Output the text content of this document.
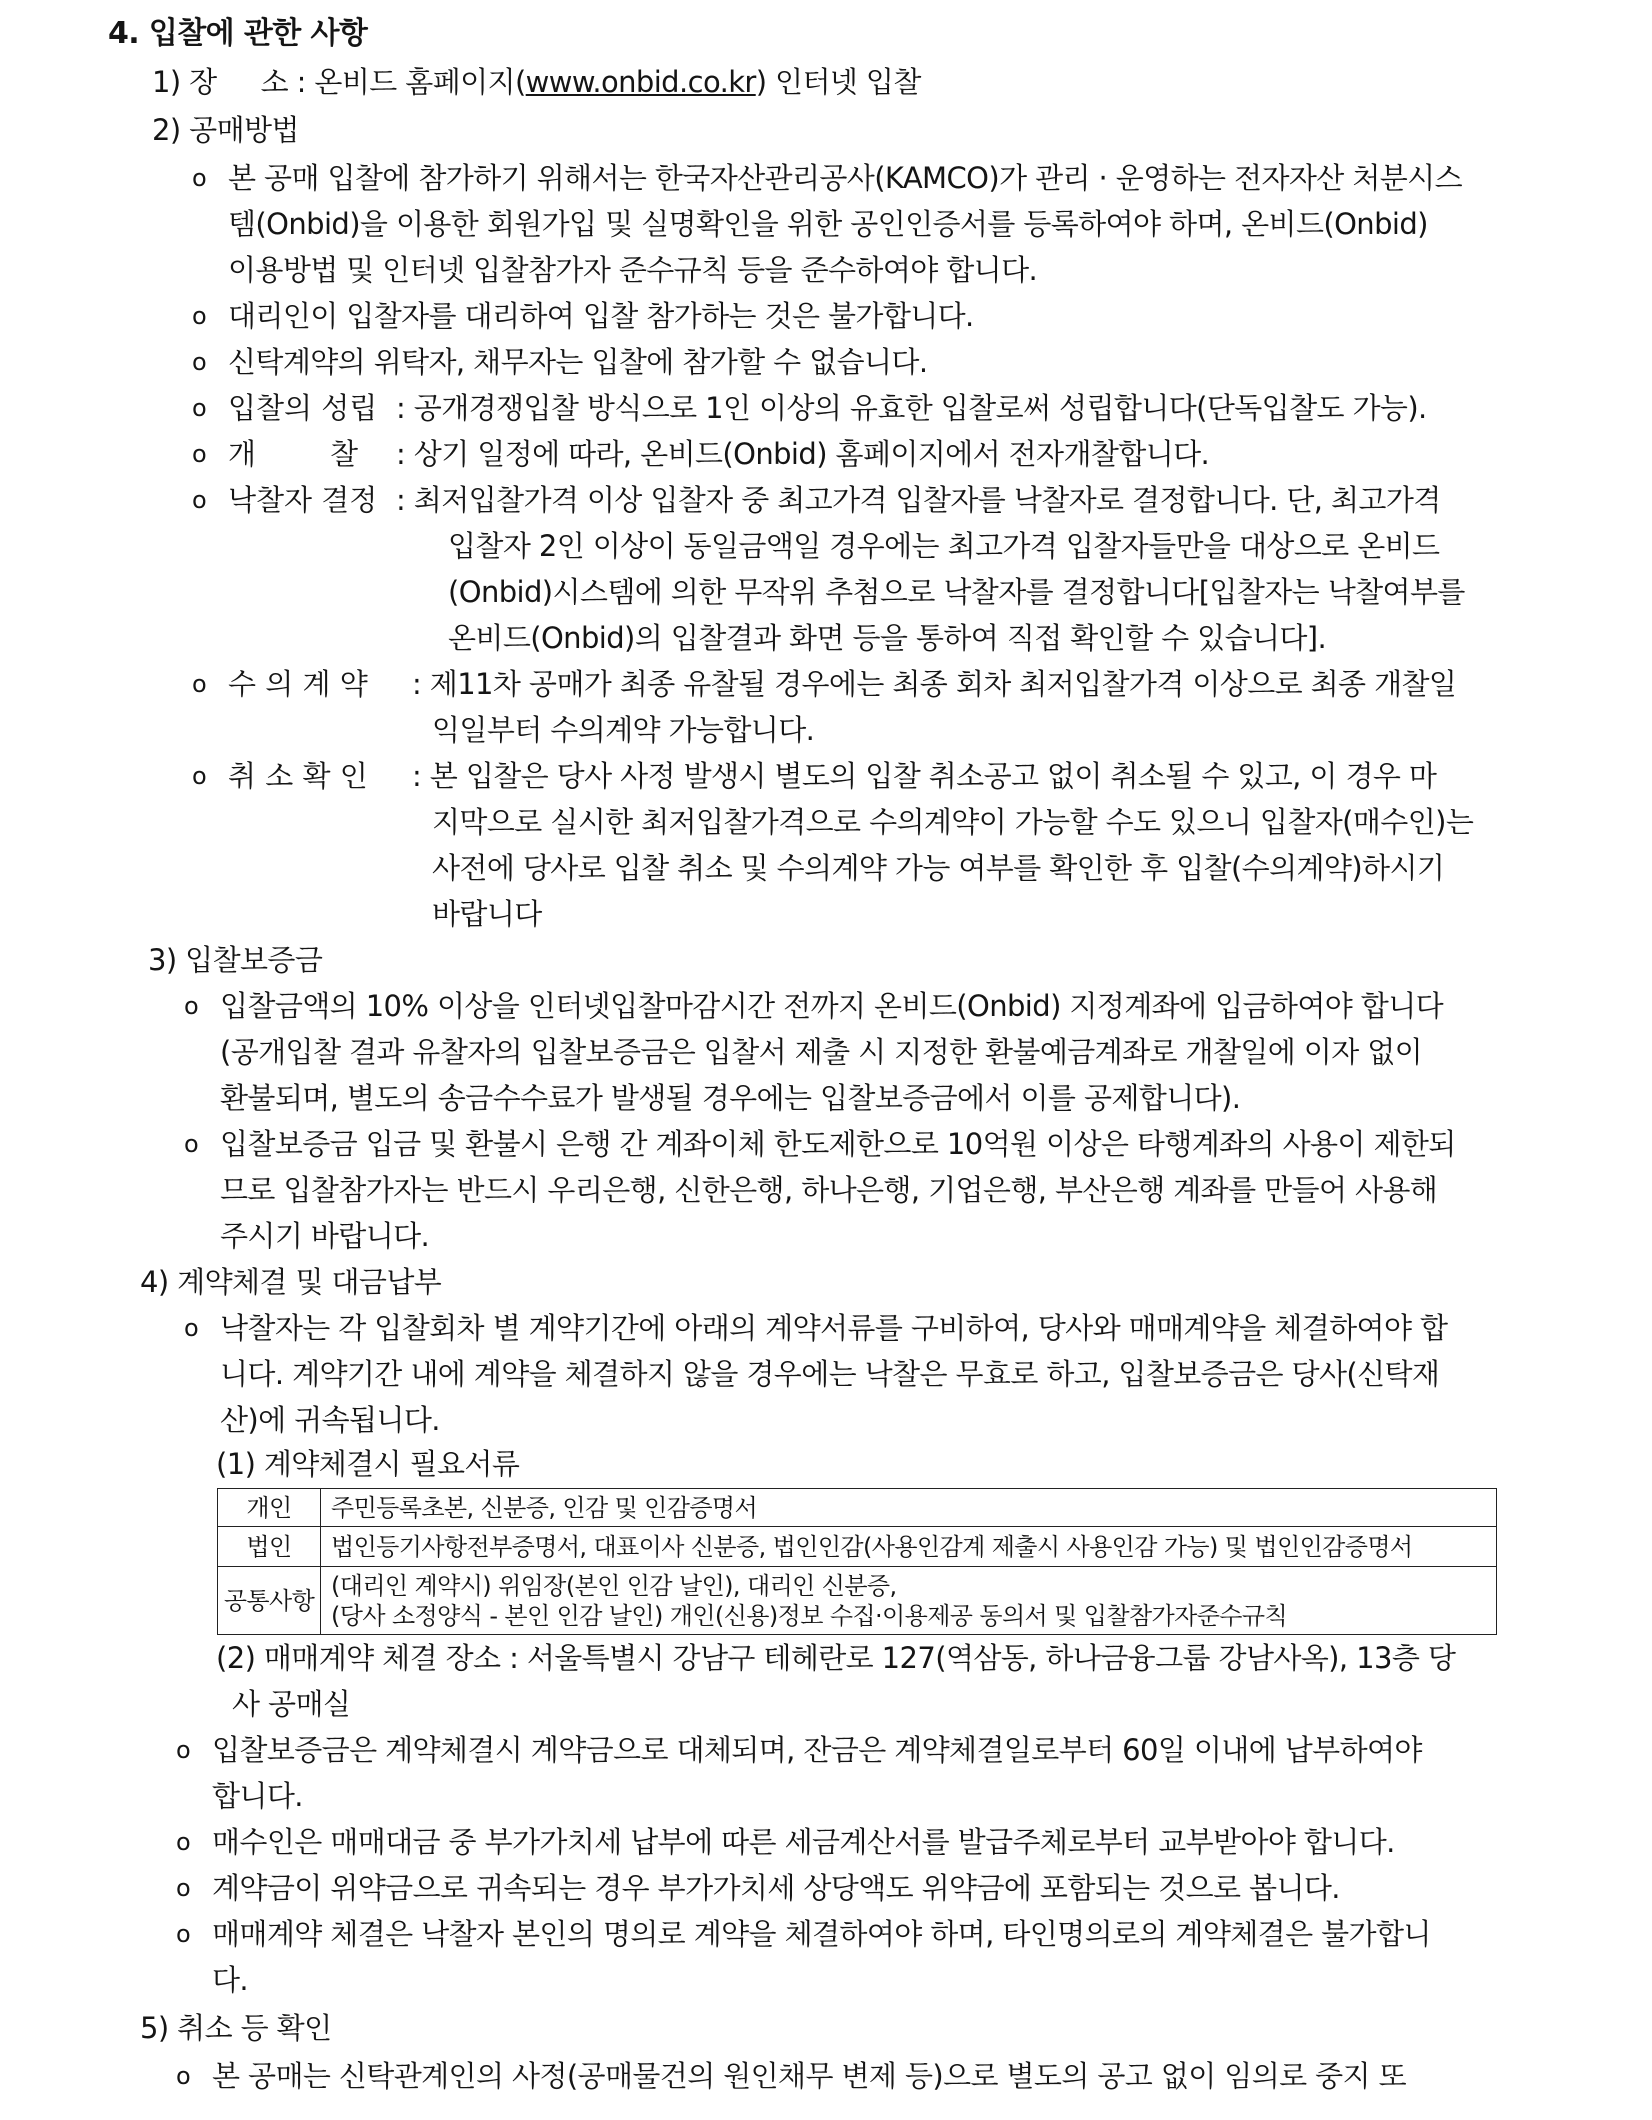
4. 입찰에 관한 사항
1) 장 소 : 온비드 홈페이지(www.onbid.co.kr) 인터넷 입찰
2) 공매방법
o 본 공매 입찰에 참가하기 위해서는 한국자산관리공사(KAMCO)가 관리 · 운영하는 전자자산 처분시스
템(Onbid)을 이용한 회원가입 및 실명확인을 위한 공인인증서를 등록하여야 하며, 온비드(Onbid)
이용방법 및 인터넷 입찰참가자 준수규칙 등을 준수하여야 합니다.
o 대리인이 입찰자를 대리하여 입찰 참가하는 것은 불가합니다.
o 신탁계약의 위탁자, 채무자는 입찰에 참가할 수 없습니다.
o 입찰의 성립 : 공개경쟁입찰 방식으로 1인 이상의 유효한 입찰로써 성립합니다(단독입찰도 가능).
o 개	찰 : 상기 일정에 따라, 온비드(Onbid) 홈페이지에서 전자개찰합니다.
o 낙찰자 결정 : 최저입찰가격 이상 입찰자 중 최고가격 입찰자를 낙찰자로 결정합니다. 단, 최고가격
입찰자 2인 이상이 동일금액일 경우에는 최고가격 입찰자들만을 대상으로 온비드
(Onbid)시스템에 의한 무작위 추첨으로 낙찰자를 결정합니다[입찰자는 낙찰여부를
온비드(Onbid)의 입찰결과 화면 등을 통하여 직접 확인할 수 있습니다].
o 수 의 계 약 : 제11차 공매가 최종 유찰될 경우에는 최종 회차 최저입찰가격 이상으로 최종 개찰일
익일부터 수의계약 가능합니다.
o 취 소 확 인 : 본 입찰은 당사 사정 발생시 별도의 입찰 취소공고 없이 취소될 수 있고, 이 경우 마
지막으로 실시한 최저입찰가격으로 수의계약이 가능할 수도 있으니 입찰자(매수인)는
사전에 당사로 입찰 취소 및 수의계약 가능 여부를 확인한 후 입찰(수의계약)하시기
바랍니다
3) 입찰보증금
o 입찰금액의 10% 이상을 인터넷입찰마감시간 전까지 온비드(Onbid) 지정계좌에 입금하여야 합니다
(공개입찰 결과 유찰자의 입찰보증금은 입찰서 제출 시 지정한 환불예금계좌로 개찰일에 이자 없이
환불되며, 별도의 송금수수료가 발생될 경우에는 입찰보증금에서 이를 공제합니다).
o 입찰보증금 입금 및 환불시 은행 간 계좌이체 한도제한으로 10억원 이상은 타행계좌의 사용이 제한되
므로 입찰참가자는 반드시 우리은행, 신한은행, 하나은행, 기업은행, 부산은행 계좌를 만들어 사용해
주시기 바랍니다.
4) 계약체결 및 대금납부
o 낙찰자는 각 입찰회차 별 계약기간에 아래의 계약서류를 구비하여, 당사와 매매계약을 체결하여야 합
니다. 계약기간 내에 계약을 체결하지 않을 경우에는 낙찰은 무효로 하고, 입찰보증금은 당사(신탁재
산)에 귀속됩니다.
(1) 계약체결시 필요서류
개인	주민등록초본, 신분증, 인감 및 인감증명서

법인	법인등기사항전부증명서, 대표이사 신분증, 법인인감(사용인감계 제출시 사용인감 가능) 및 법인인감증명서

공통사항	(대리인 계약시) 위임장(본인 인감 날인), 대리인 신분증,
(당사 소정양식 - 본인 인감 날인) 개인(신용)정보 수집·이용제공 동의서 및 입찰참가자준수규칙
(2) 매매계약 체결 장소 : 서울특별시 강남구 테헤란로 127(역삼동, 하나금융그룹 강남사옥), 13층 당
사 공매실
o 입찰보증금은 계약체결시 계약금으로 대체되며, 잔금은 계약체결일로부터 60일 이내에 납부하여야
합니다.
o 매수인은 매매대금 중 부가가치세 납부에 따른 세금계산서를 발급주체로부터 교부받아야 합니다.
o 계약금이 위약금으로 귀속되는 경우 부가가치세 상당액도 위약금에 포함되는 것으로 봅니다.
o 매매계약 체결은 낙찰자 본인의 명의로 계약을 체결하여야 하며, 타인명의로의 계약체결은 불가합니
다.
5) 취소 등 확인
o 본 공매는 신탁관계인의 사정(공매물건의 원인채무 변제 등)으로 별도의 공고 없이 임의로 중지 또
